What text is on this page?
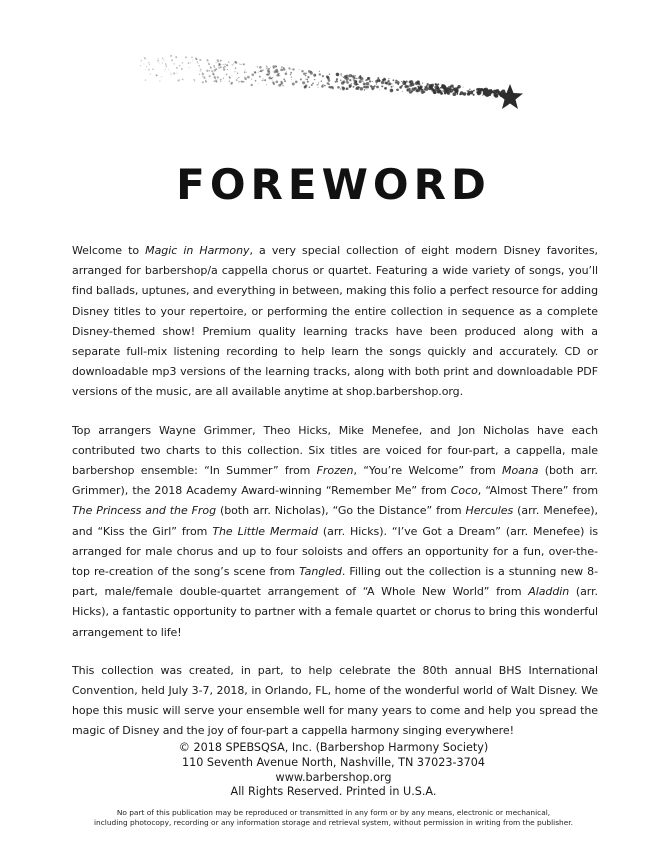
FOREWORD

Welcome to Magic in Harmony, a very special collection of eight modern Disney favorites, arranged for barbershop/a cappella chorus or quartet. Featuring a wide variety of songs, you’ll find ballads, uptunes, and everything in between, making this folio a perfect resource for adding Disney titles to your repertoire, or performing the entire collection in sequence as a complete Disney-themed show! Premium quality learning tracks have been produced along with a separate full-mix listening recording to help learn the songs quickly and accurately. CD or downloadable mp3 versions of the learning tracks, along with both print and downloadable PDF versions of the music, are all available anytime at shop.barbershop.org.

Top arrangers Wayne Grimmer, Theo Hicks, Mike Menefee, and Jon Nicholas have each contributed two charts to this collection. Six titles are voiced for four-part, a cappella, male barbershop ensemble: “In Summer” from Frozen, “You’re Welcome” from Moana (both arr. Grimmer), the 2018 Academy Award-winning “Remember Me” from Coco, “Almost There” from The Princess and the Frog (both arr. Nicholas), “Go the Distance” from Hercules (arr. Menefee), and “Kiss the Girl” from The Little Mermaid (arr. Hicks). “I’ve Got a Dream” (arr. Menefee) is arranged for male chorus and up to four soloists and offers an opportunity for a fun, over-the-top re-creation of the song’s scene from Tangled. Filling out the collection is a stunning new 8-part, male/female double-quartet arrangement of “A Whole New World” from Aladdin (arr. Hicks), a fantastic opportunity to partner with a female quartet or chorus to bring this wonderful arrangement to life!

This collection was created, in part, to help celebrate the 80th annual BHS International Convention, held July 3-7, 2018, in Orlando, FL, home of the wonderful world of Walt Disney. We hope this music will serve your ensemble well for many years to come and help you spread the magic of Disney and the joy of four-part a cappella harmony singing everywhere!

© 2018 SPEBSQSA, Inc. (Barbershop Harmony Society)
110 Seventh Avenue North, Nashville, TN 37023-3704
www.barbershop.org
All Rights Reserved. Printed in U.S.A.
No part of this publication may be reproduced or transmitted in any form or by any means, electronic or mechanical,
including photocopy, recording or any information storage and retrieval system, without permission in writing from the publisher.
